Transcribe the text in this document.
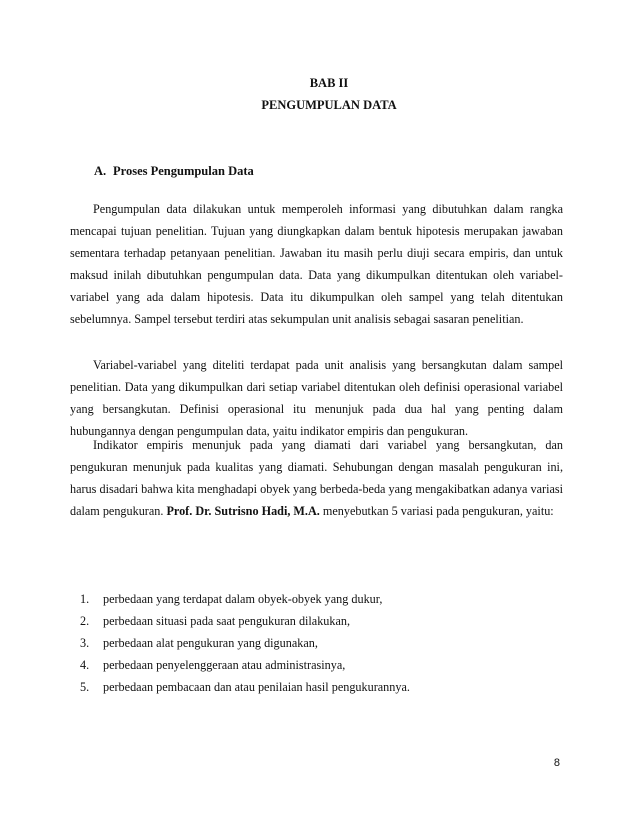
BAB II
PENGUMPULAN DATA
A. Proses Pengumpulan Data

Pengumpulan data dilakukan untuk memperoleh informasi yang dibutuhkan dalam rangka mencapai tujuan penelitian. Tujuan yang diungkapkan dalam bentuk hipotesis merupakan jawaban sementara terhadap petanyaan penelitian. Jawaban itu masih perlu diuji secara empiris, dan untuk maksud inilah dibutuhkan pengumpulan data. Data yang dikumpulkan ditentukan oleh variabel-variabel yang ada dalam hipotesis. Data itu dikumpulkan oleh sampel yang telah ditentukan sebelumnya. Sampel tersebut terdiri atas sekumpulan unit analisis sebagai sasaran penelitian.

Variabel-variabel yang diteliti terdapat pada unit analisis yang bersangkutan dalam sampel penelitian. Data yang dikumpulkan dari setiap variabel ditentukan oleh definisi operasional variabel yang bersangkutan. Definisi operasional itu menunjuk pada dua hal yang penting dalam hubungannya dengan pengumpulan data, yaitu indikator empiris dan pengukuran.

Indikator empiris menunjuk pada yang diamati dari variabel yang bersangkutan, dan pengukuran menunjuk pada kualitas yang diamati. Sehubungan dengan masalah pengukuran ini, harus disadari bahwa kita menghadapi obyek yang berbeda-beda yang mengakibatkan adanya variasi dalam pengukuran. Prof. Dr. Sutrisno Hadi, M.A. menyebutkan 5 variasi pada pengukuran, yaitu:

1. perbedaan yang terdapat dalam obyek-obyek yang dukur,
2. perbedaan situasi pada saat pengukuran dilakukan,
3. perbedaan alat pengukuran yang digunakan,
4. perbedaan penyelenggeraan atau administrasinya,
5. perbedaan pembacaan dan atau penilaian hasil pengukurannya.
8
